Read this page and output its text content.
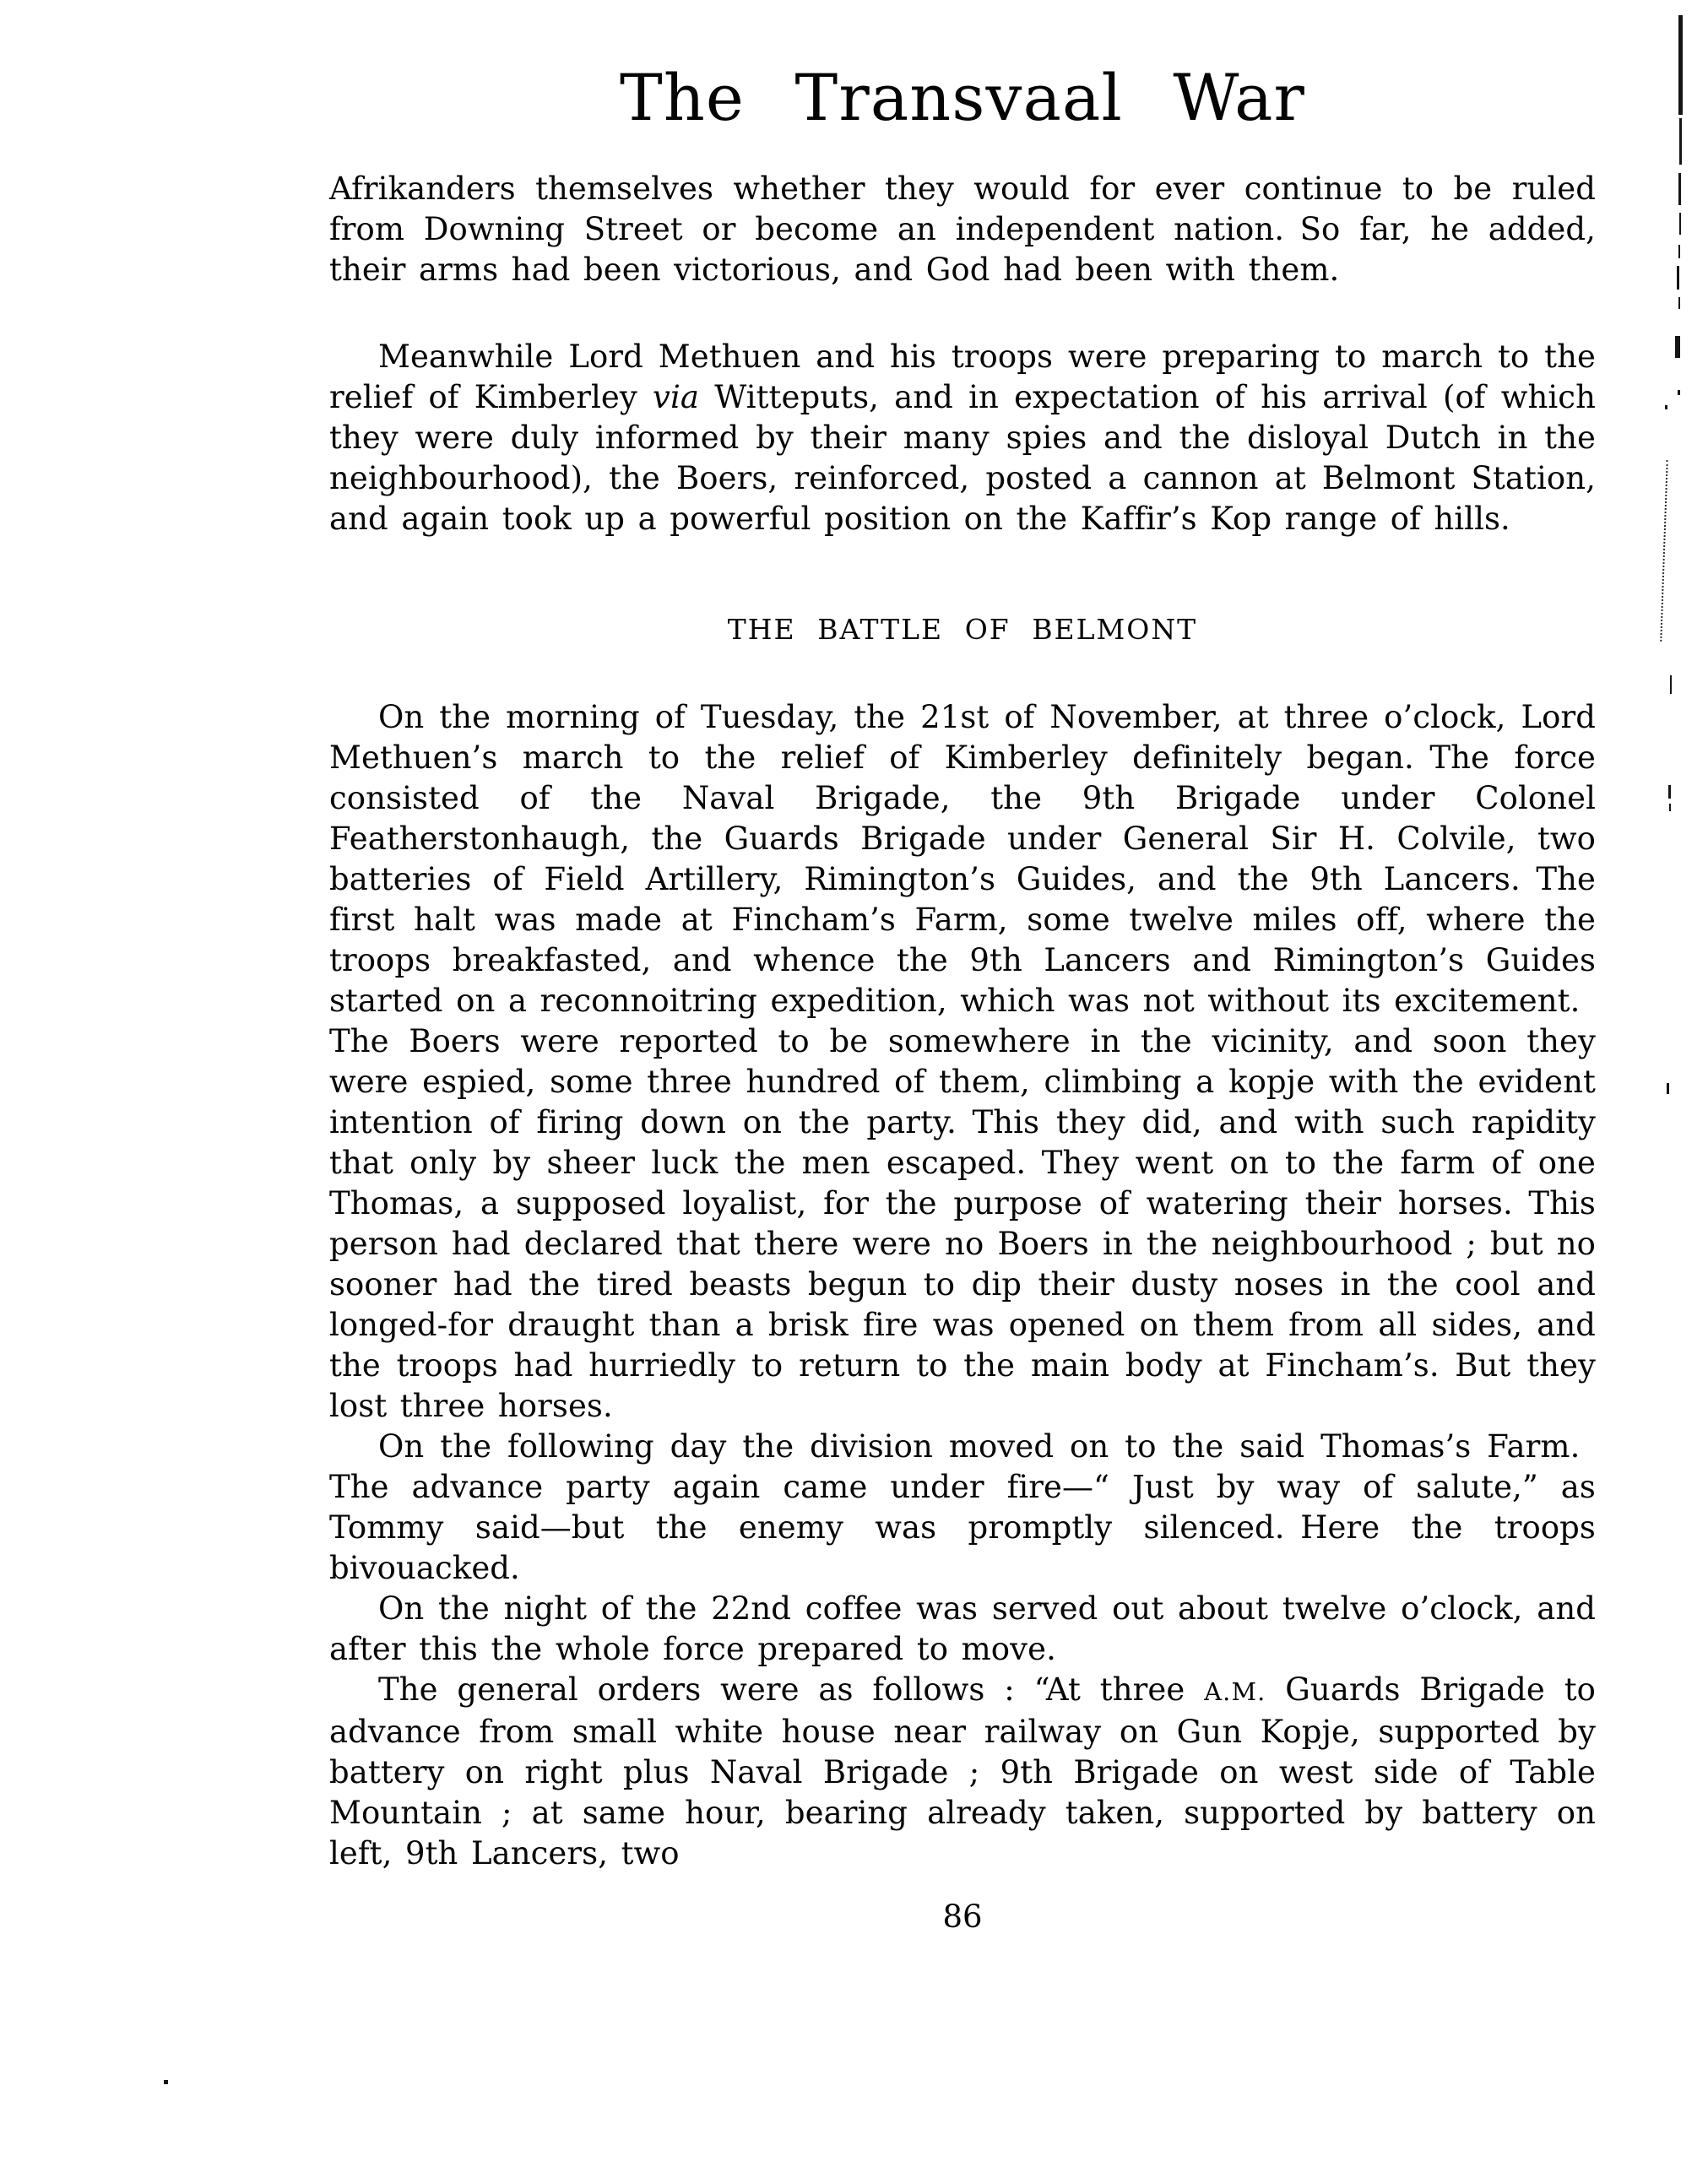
The Transvaal War

Afrikanders themselves whether they would for ever continue to be ruled from Downing Street or become an independent nation. So far, he added, their arms had been victorious, and God had been with them.

Meanwhile Lord Methuen and his troops were preparing to march to the relief of Kimberley via Witteputs, and in expectation of his arrival (of which they were duly informed by their many spies and the disloyal Dutch in the neighbourhood), the Boers, reinforced, posted a cannon at Belmont Station, and again took up a powerful position on the Kaffir’s Kop range of hills.

THE BATTLE OF BELMONT

On the morning of Tuesday, the 21st of November, at three o’clock, Lord Methuen’s march to the relief of Kimberley definitely began. The force consisted of the Naval Brigade, the 9th Brigade under Colonel Featherstonhaugh, the Guards Brigade under General Sir H. Colvile, two batteries of Field Artillery, Rimington’s Guides, and the 9th Lancers. The first halt was made at Fincham’s Farm, some twelve miles off, where the troops breakfasted, and whence the 9th Lancers and Rimington’s Guides started on a reconnoitring expedition, which was not without its excitement. The Boers were reported to be somewhere in the vicinity, and soon they were espied, some three hundred of them, climbing a kopje with the evident intention of firing down on the party. This they did, and with such rapidity that only by sheer luck the men escaped. They went on to the farm of one Thomas, a supposed loyalist, for the purpose of watering their horses. This person had declared that there were no Boers in the neighbourhood ; but no sooner had the tired beasts begun to dip their dusty noses in the cool and longed-for draught than a brisk fire was opened on them from all sides, and the troops had hurriedly to return to the main body at Fincham’s. But they lost three horses.

On the following day the division moved on to the said Thomas’s Farm. The advance party again came under fire—“ Just by way of salute,” as Tommy said—but the enemy was promptly silenced. Here the troops bivouacked.

On the night of the 22nd coffee was served out about twelve o’clock, and after this the whole force prepared to move.

The general orders were as follows : “At three A.M. Guards Brigade to advance from small white house near railway on Gun Kopje, supported by battery on right plus Naval Brigade ; 9th Brigade on west side of Table Mountain ; at same hour, bearing already taken, supported by battery on left, 9th Lancers, two

86
